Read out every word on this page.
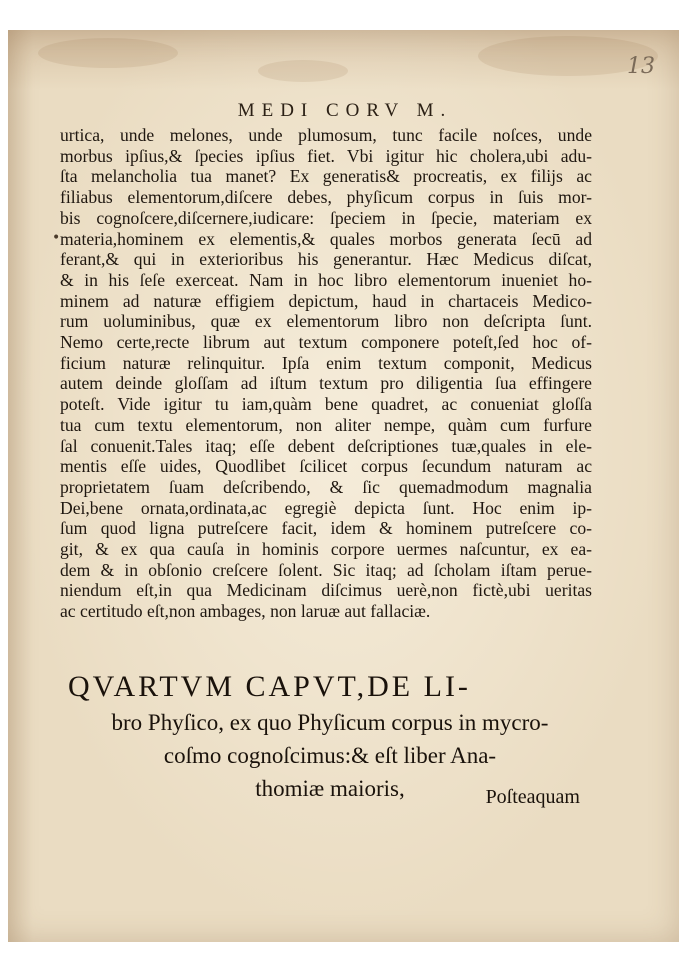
13
MEDI CORV M.
urtica, unde melones, unde plumosum, tunc facile noſces, unde
morbus ipſius,& ſpecies ipſius fiet. Vbi igitur hic cholera,ubi adu-
ſta melancholia tua manet? Ex generatis& procreatis, ex filijs ac
filiabus elementorum,diſcere debes, phyſicum corpus in ſuis mor-
bis cognoſcere,diſcernere,iudicare: ſpeciem in ſpecie, materiam ex
materia,hominem ex elementis,& quales morbos generata ſecū ad
ferant,& qui in exterioribus his generantur. Hæc Medicus diſcat,
& in his ſeſe exerceat. Nam in hoc libro elementorum inueniet ho-
minem ad naturæ effigiem depictum, haud in chartaceis Medico-
rum uoluminibus, quæ ex elementorum libro non deſcripta ſunt.
Nemo certe,recte librum aut textum componere poteſt,ſed hoc of-
ficium naturæ relinquitur. Ipſa enim textum componit, Medicus
autem deinde gloſſam ad iſtum textum pro diligentia ſua effingere
poteſt. Vide igitur tu iam,quàm bene quadret, ac conueniat gloſſa
tua cum textu elementorum, non aliter nempe, quàm cum furfure
ſal conuenit.Tales itaq; eſſe debent deſcriptiones tuæ,quales in ele-
mentis eſſe uides, Quodlibet ſcilicet corpus ſecundum naturam ac
proprietatem ſuam deſcribendo, & ſic quemadmodum magnalia
Dei,bene ornata,ordinata,ac egregiè depicta ſunt. Hoc enim ip-
ſum quod ligna putreſcere facit, idem & hominem putreſcere co-
git, & ex qua cauſa in hominis corpore uermes naſcuntur, ex ea-
dem & in obſonio creſcere ſolent. Sic itaq; ad ſcholam iſtam perue-
niendum eſt,in qua Medicinam diſcimus uerè,non fictè,ubi ueritas
ac certitudo eſt,non ambages, non laruæ aut fallaciæ.
•
QVARTVM CAPVT,DE LI-
bro Phyſico, ex quo Phyſicum corpus in mycro-
coſmo cognoſcimus:& eſt liber Ana-
thomiæ maioris,	Poſteaquam
